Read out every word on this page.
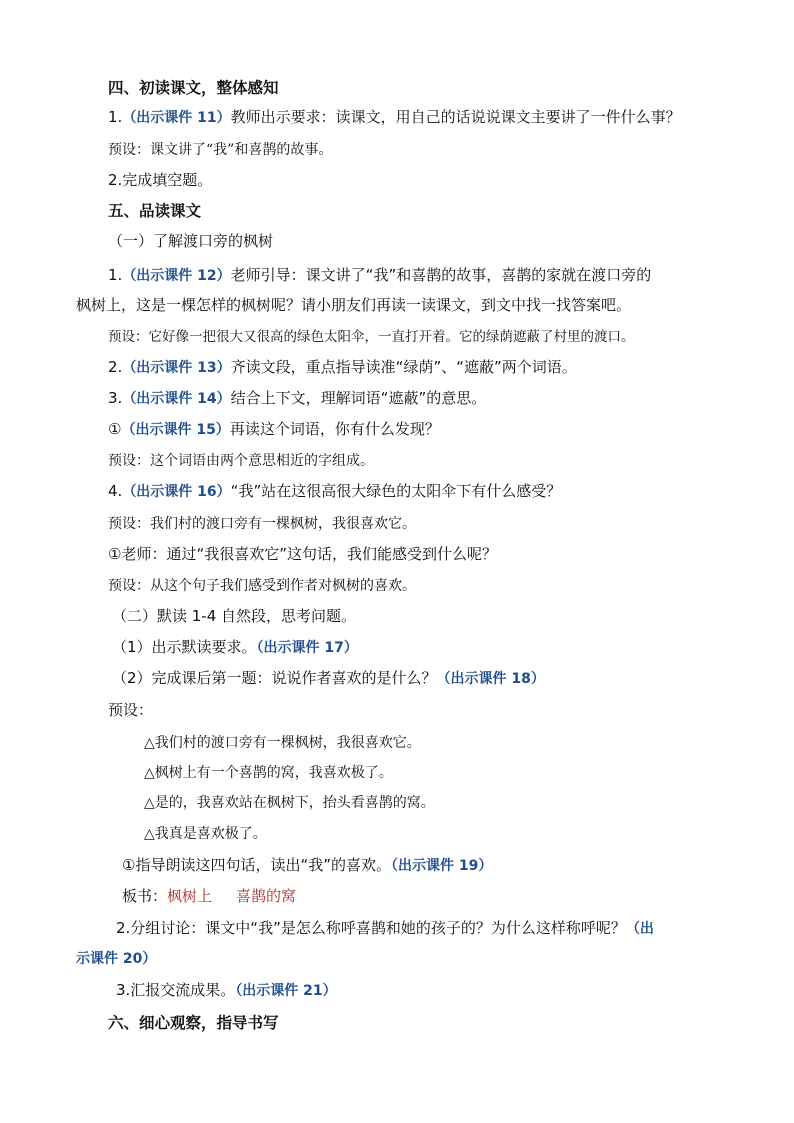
四、初读课文，整体感知
1.（出示课件 11）教师出示要求：读课文，用自己的话说说课文主要讲了一件什么事？
预设：课文讲了“我”和喜鹊的故事。
2.完成填空题。
五、品读课文
（一）了解渡口旁的枫树
1.（出示课件 12）老师引导：课文讲了“我”和喜鹊的故事，喜鹊的家就在渡口旁的
枫树上，这是一棵怎样的枫树呢？请小朋友们再读一读课文，到文中找一找答案吧。
预设：它好像一把很大又很高的绿色太阳伞，一直打开着。它的绿荫遮蔽了村里的渡口。
2.（出示课件 13）齐读文段，重点指导读准“绿荫”、“遮蔽”两个词语。
3.（出示课件 14）结合上下文，理解词语“遮蔽”的意思。
①（出示课件 15）再读这个词语，你有什么发现？
预设：这个词语由两个意思相近的字组成。
4.（出示课件 16）“我”站在这很高很大绿色的太阳伞下有什么感受？
预设：我们村的渡口旁有一棵枫树，我很喜欢它。
①老师：通过“我很喜欢它”这句话，我们能感受到什么呢？
预设：从这个句子我们感受到作者对枫树的喜欢。
（二）默读 1-4 自然段，思考问题。
（1）出示默读要求。（出示课件 17）
（2）完成课后第一题：说说作者喜欢的是什么？（出示课件 18）
预设：
△我们村的渡口旁有一棵枫树，我很喜欢它。
△枫树上有一个喜鹊的窝，我喜欢极了。
△是的，我喜欢站在枫树下，抬头看喜鹊的窝。
△我真是喜欢极了。
①指导朗读这四句话，读出“我”的喜欢。（出示课件 19）
板书：枫树上 喜鹊的窝
2.分组讨论：课文中“我”是怎么称呼喜鹊和她的孩子的？为什么这样称呼呢？（出
示课件 20）
3.汇报交流成果。（出示课件 21）
六、细心观察，指导书写
